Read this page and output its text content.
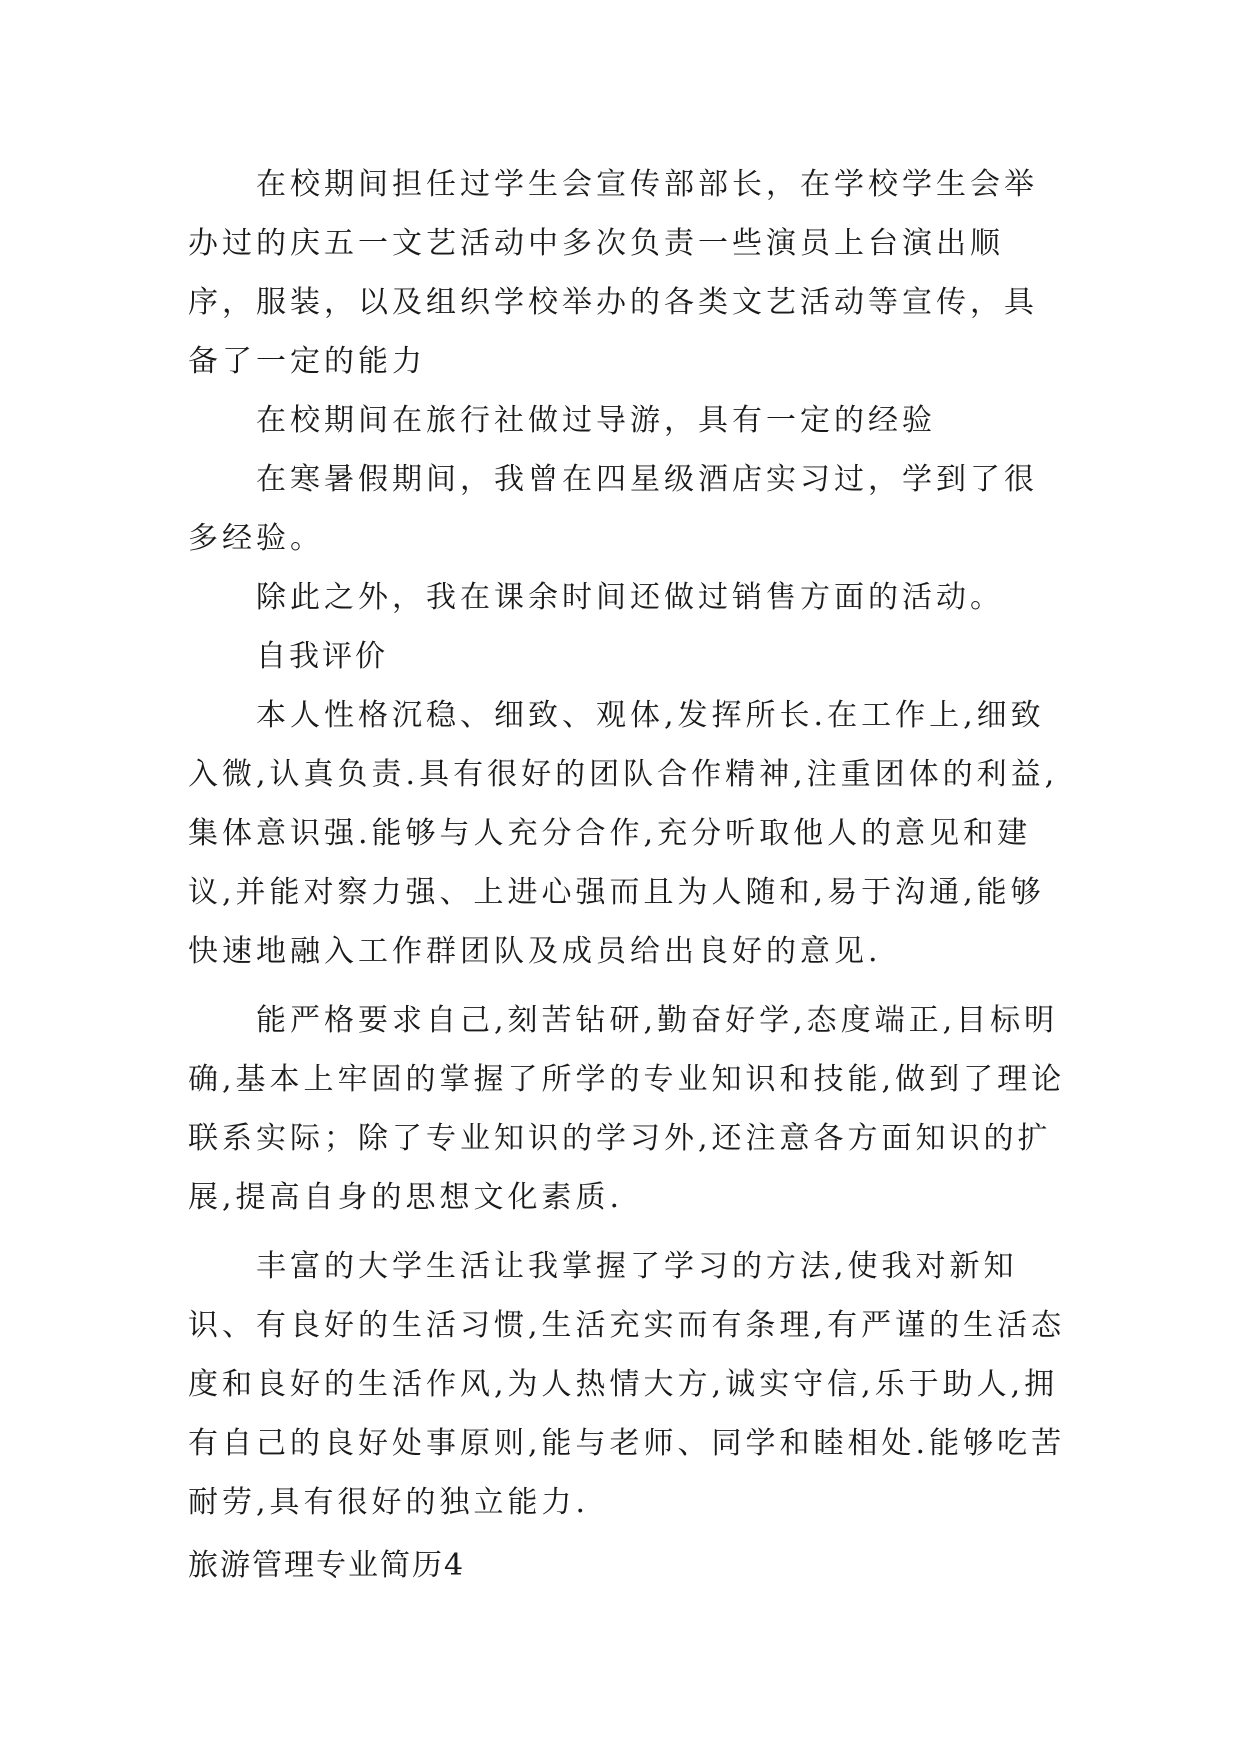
在校期间担任过学生会宣传部部长，在学校学生会举办过的庆五一文艺活动中多次负责一些演员上台演出顺序，服装，以及组织学校举办的各类文艺活动等宣传，具备了一定的能力

在校期间在旅行社做过导游，具有一定的经验

在寒暑假期间，我曾在四星级酒店实习过，学到了很多经验。

除此之外，我在课余时间还做过销售方面的活动。

自我评价

本人性格沉稳、细致、观体,发挥所长.在工作上,细致入微,认真负责.具有很好的团队合作精神,注重团体的利益,集体意识强.能够与人充分合作,充分听取他人的意见和建议,并能对察力强、上进心强而且为人随和,易于沟通,能够快速地融入工作群团队及成员给出良好的意见.

能严格要求自己,刻苦钻研,勤奋好学,态度端正,目标明确,基本上牢固的掌握了所学的专业知识和技能,做到了理论联系实际；除了专业知识的学习外,还注意各方面知识的扩展,提高自身的思想文化素质.

丰富的大学生活让我掌握了学习的方法,使我对新知识、有良好的生活习惯,生活充实而有条理,有严谨的生活态度和良好的生活作风,为人热情大方,诚实守信,乐于助人,拥有自己的良好处事原则,能与老师、同学和睦相处.能够吃苦耐劳,具有很好的独立能力.

旅游管理专业简历4
